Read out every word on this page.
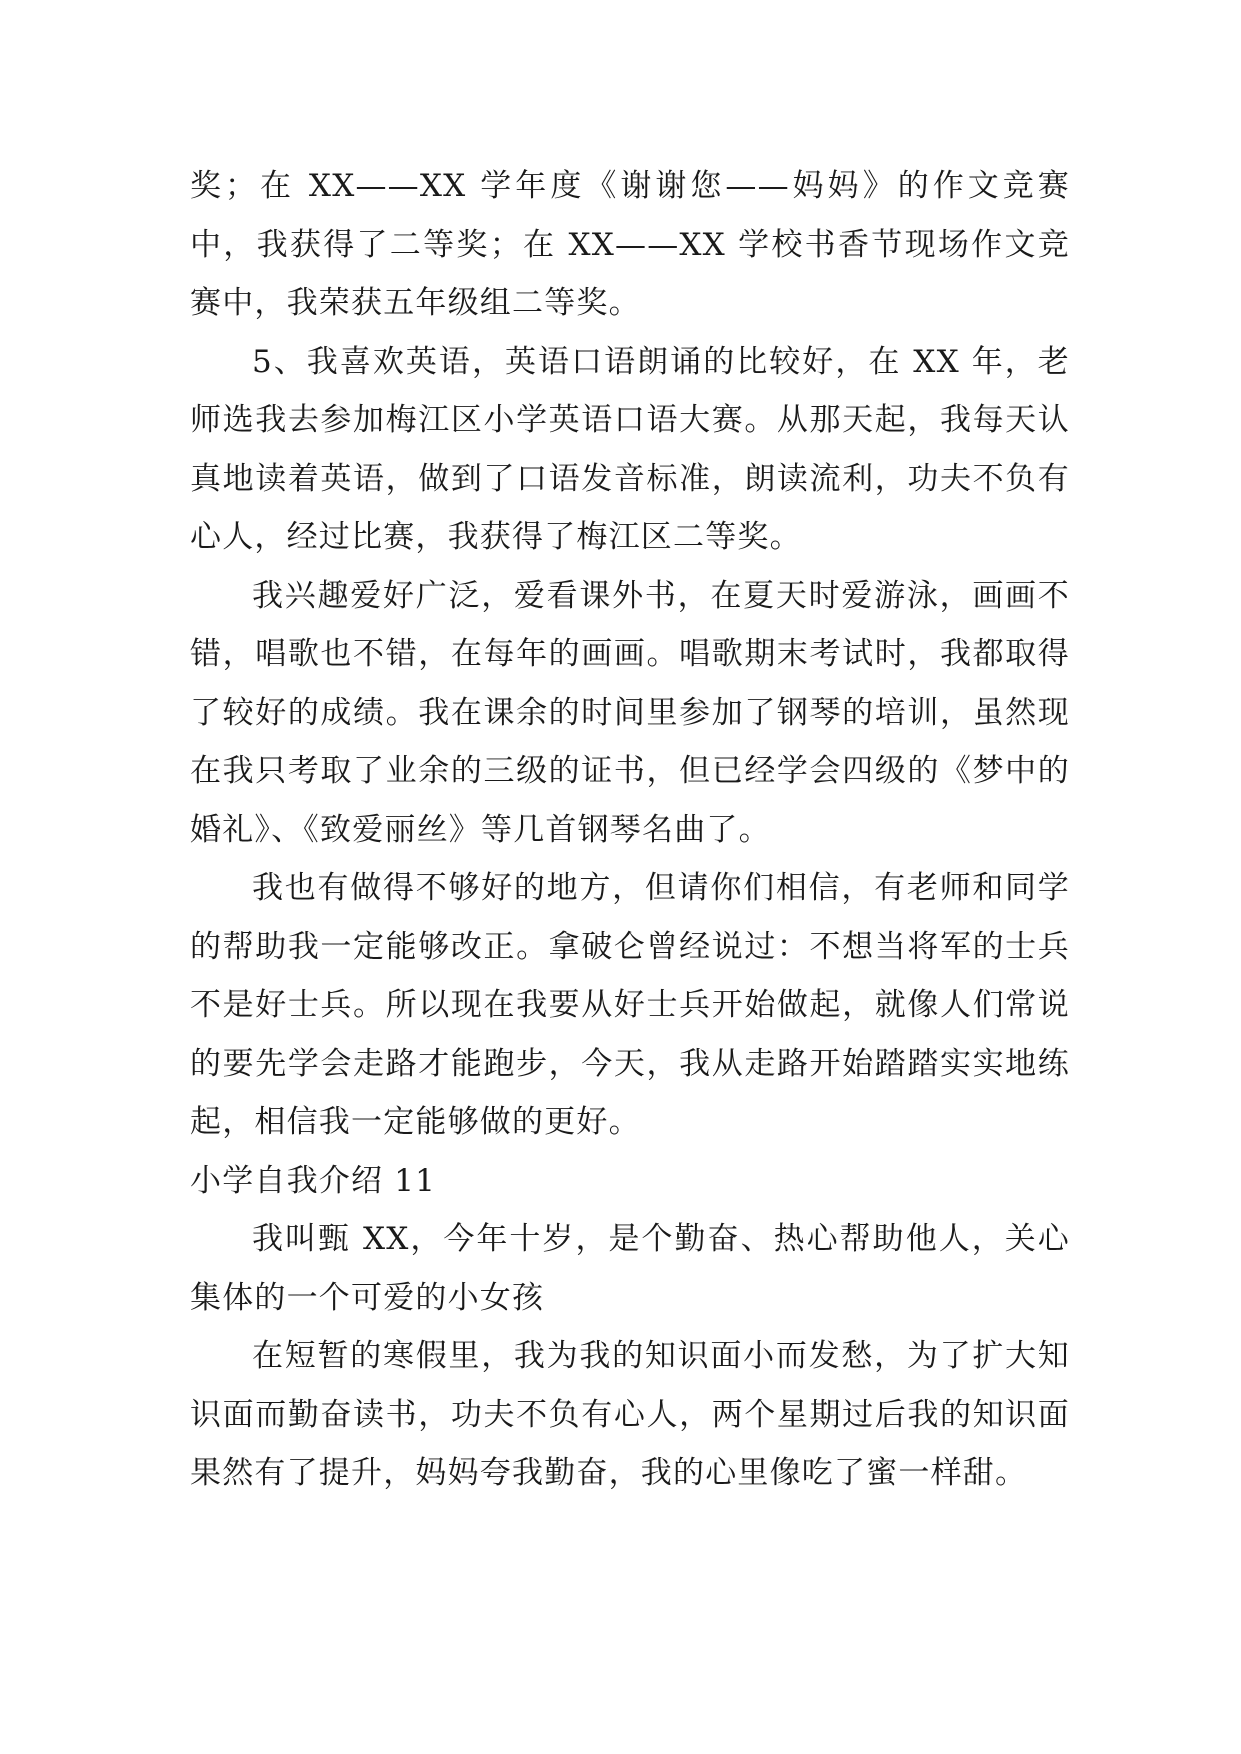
奖；在 XX——XX 学年度《谢谢您——妈妈》的作文竞赛中，我获得了二等奖；在 XX——XX 学校书香节现场作文竞赛中，我荣获五年级组二等奖。

5、我喜欢英语，英语口语朗诵的比较好，在 XX 年，老师选我去参加梅江区小学英语口语大赛。从那天起，我每天认真地读着英语，做到了口语发音标准，朗读流利，功夫不负有心人，经过比赛，我获得了梅江区二等奖。

我兴趣爱好广泛，爱看课外书，在夏天时爱游泳，画画不错，唱歌也不错，在每年的画画。唱歌期末考试时，我都取得了较好的成绩。我在课余的时间里参加了钢琴的培训，虽然现在我只考取了业余的三级的证书，但已经学会四级的《梦中的婚礼》、《致爱丽丝》等几首钢琴名曲了。

我也有做得不够好的地方，但请你们相信，有老师和同学的帮助我一定能够改正。拿破仑曾经说过：不想当将军的士兵不是好士兵。所以现在我要从好士兵开始做起，就像人们常说的要先学会走路才能跑步，今天，我从走路开始踏踏实实地练起，相信我一定能够做的更好。

小学自我介绍 11

我叫甄 XX，今年十岁，是个勤奋、热心帮助他人，关心集体的一个可爱的小女孩

在短暂的寒假里，我为我的知识面小而发愁，为了扩大知识面而勤奋读书，功夫不负有心人，两个星期过后我的知识面果然有了提升，妈妈夸我勤奋，我的心里像吃了蜜一样甜。
